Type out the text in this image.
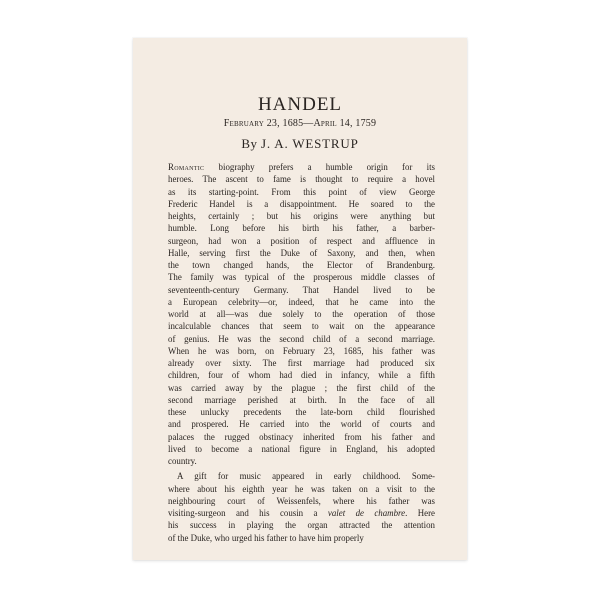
HANDEL

February 23, 1685—April 14, 1759

By J. A. WESTRUP

Romantic biography prefers a humble origin for its
heroes. The ascent to fame is thought to require a hovel
as its starting-point. From this point of view George
Frederic Handel is a disappointment. He soared to the
heights, certainly ; but his origins were anything but
humble. Long before his birth his father, a barber-
surgeon, had won a position of respect and affluence in
Halle, serving first the Duke of Saxony, and then, when
the town changed hands, the Elector of Brandenburg.
The family was typical of the prosperous middle classes of
seventeenth-century Germany. That Handel lived to be
a European celebrity—or, indeed, that he came into the
world at all—was due solely to the operation of those
incalculable chances that seem to wait on the appearance
of genius. He was the second child of a second marriage.
When he was born, on February 23, 1685, his father was
already over sixty. The first marriage had produced six
children, four of whom had died in infancy, while a fifth
was carried away by the plague ; the first child of the
second marriage perished at birth. In the face of all
these unlucky precedents the late-born child flourished
and prospered. He carried into the world of courts and
palaces the rugged obstinacy inherited from his father and
lived to become a national figure in England, his adopted
country.
A gift for music appeared in early childhood. Some-
where about his eighth year he was taken on a visit to the
neighbouring court of Weissenfels, where his father was
visiting-surgeon and his cousin a valet de chambre. Here
his success in playing the organ attracted the attention
of the Duke, who urged his father to have him properly
